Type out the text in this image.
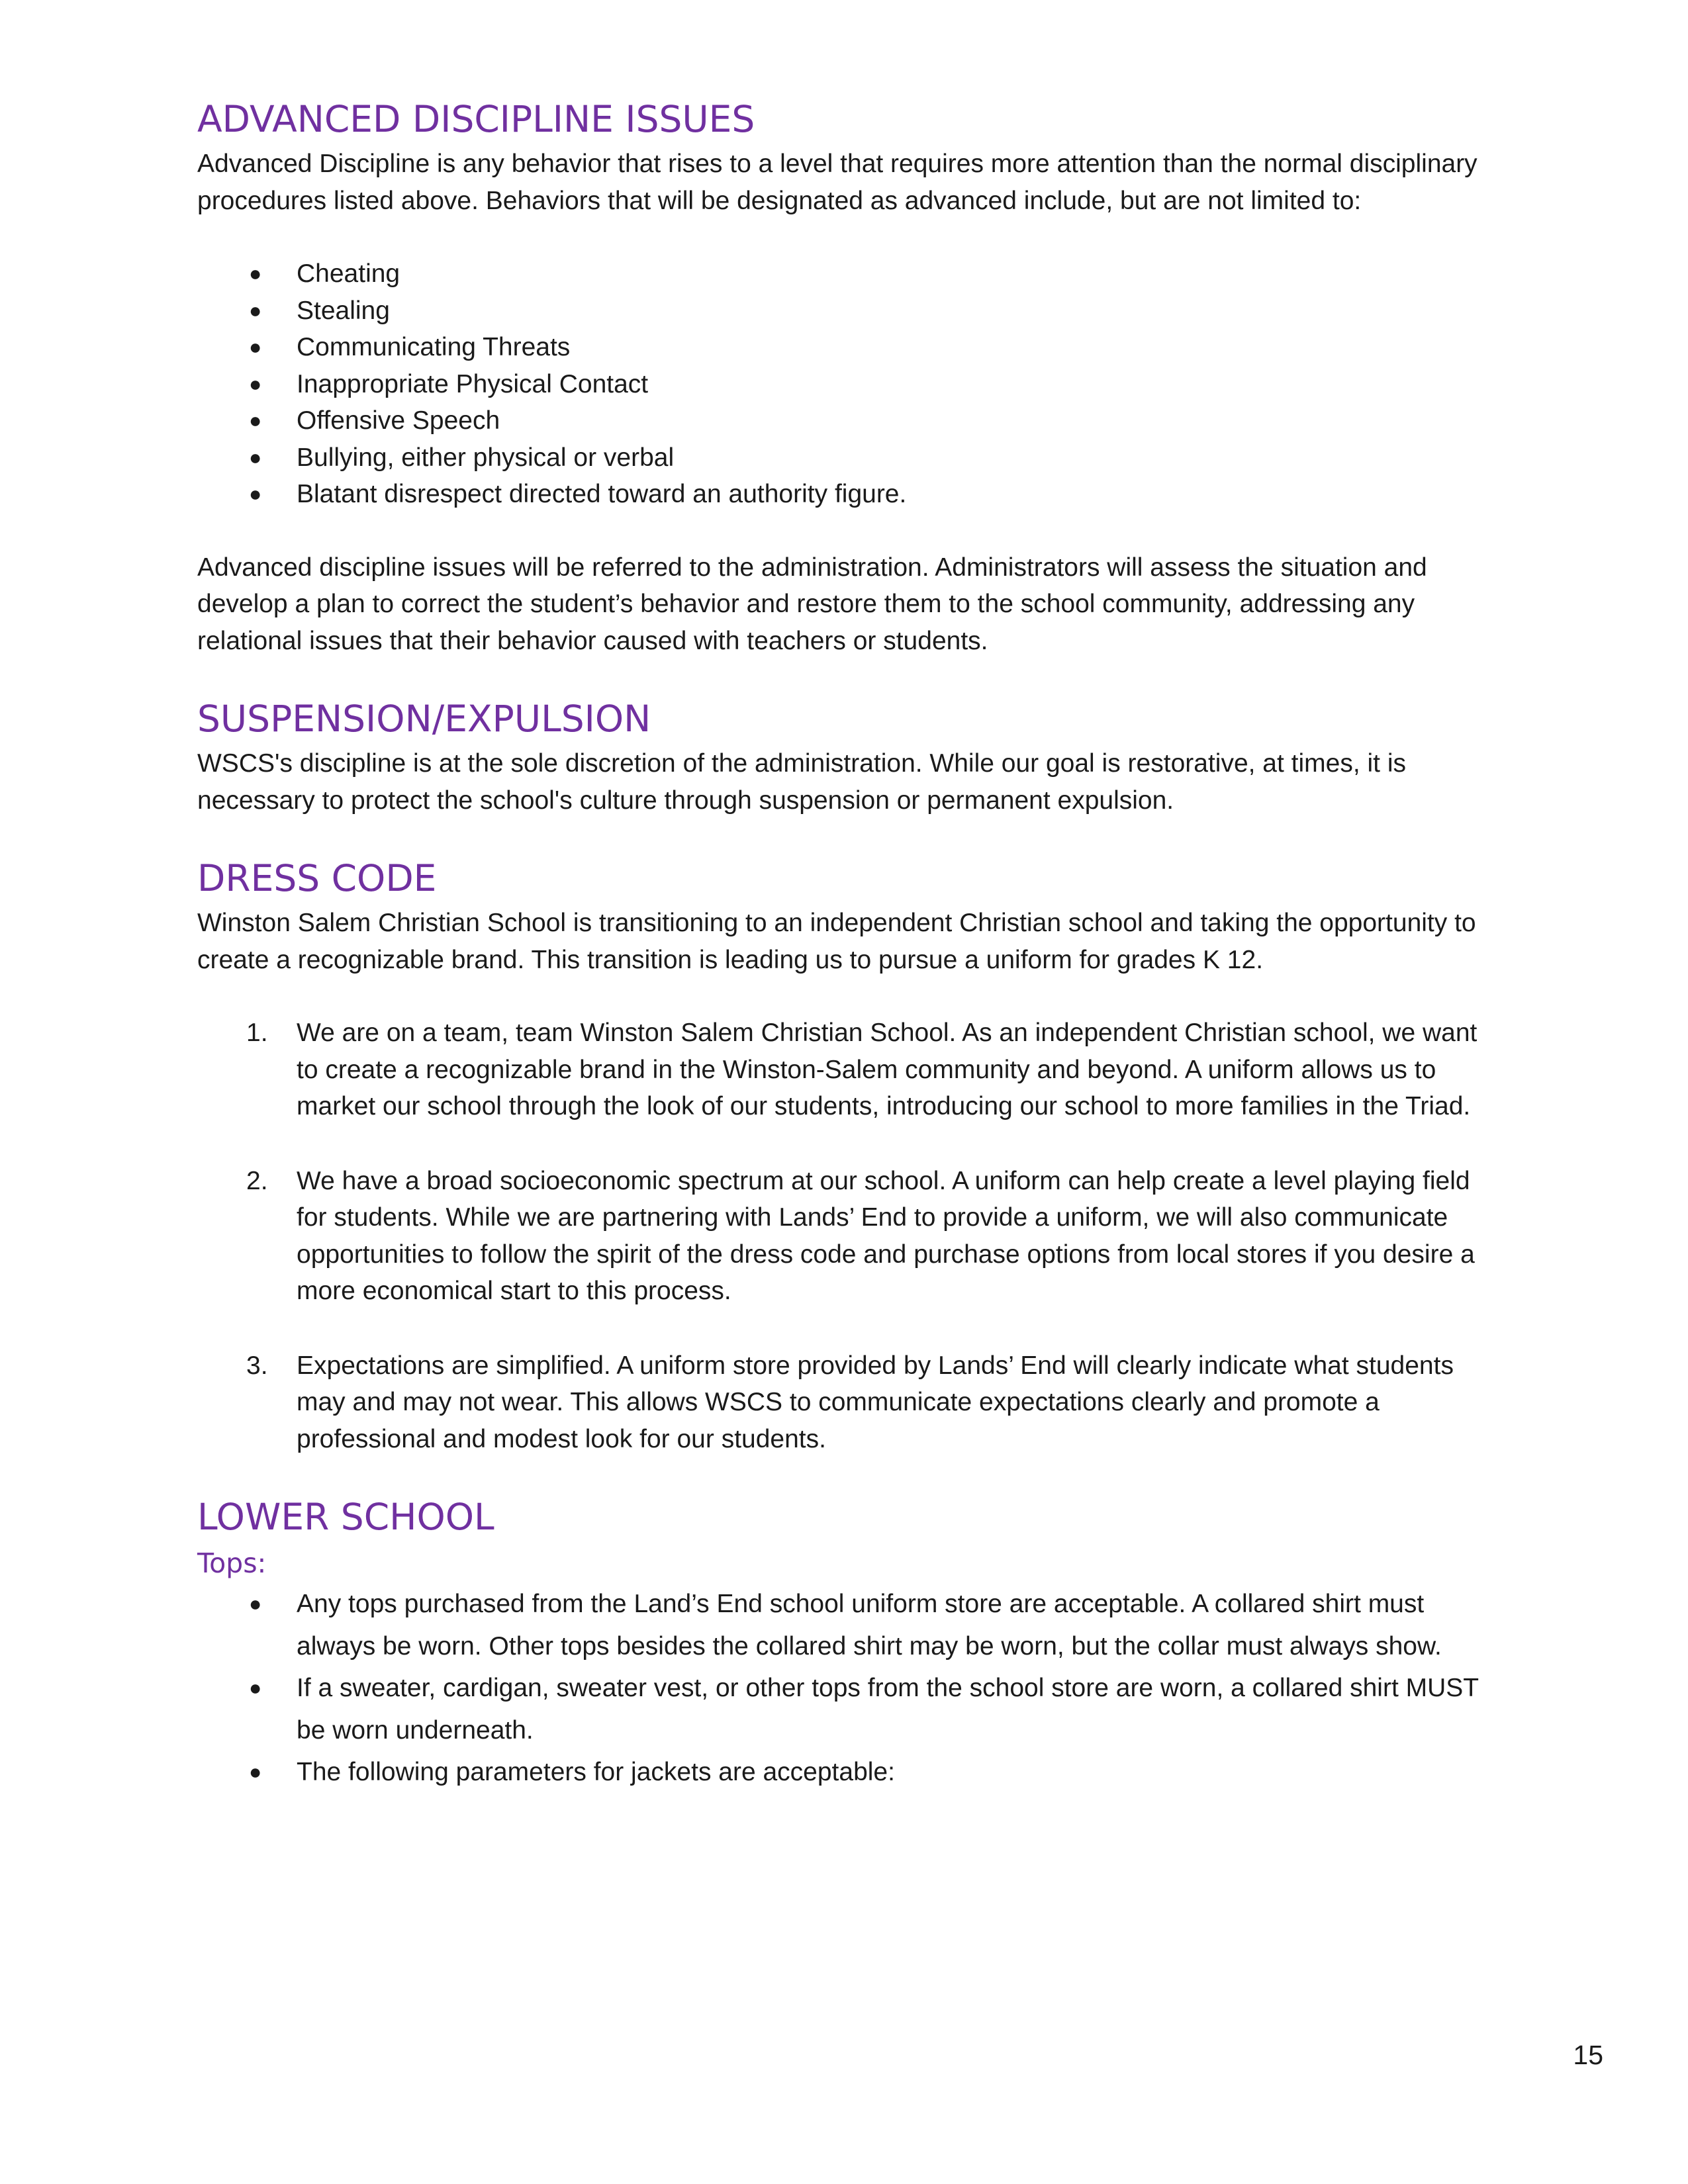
ADVANCED DISCIPLINE ISSUES

Advanced Discipline is any behavior that rises to a level that requires more attention than the normal disciplinary procedures listed above. Behaviors that will be designated as advanced include, but are not limited to:

● Cheating
● Stealing
● Communicating Threats
● Inappropriate Physical Contact
● Offensive Speech
● Bullying, either physical or verbal
● Blatant disrespect directed toward an authority figure.

Advanced discipline issues will be referred to the administration. Administrators will assess the situation and develop a plan to correct the student’s behavior and restore them to the school community, addressing any relational issues that their behavior caused with teachers or students.

SUSPENSION/EXPULSION

WSCS's discipline is at the sole discretion of the administration. While our goal is restorative, at times, it is necessary to protect the school's culture through suspension or permanent expulsion.

DRESS CODE

Winston Salem Christian School is transitioning to an independent Christian school and taking the opportunity to create a recognizable brand. This transition is leading us to pursue a uniform for grades K 12.

1. We are on a team, team Winston Salem Christian School. As an independent Christian school, we want to create a recognizable brand in the Winston-Salem community and beyond. A uniform allows us to market our school through the look of our students, introducing our school to more families in the Triad.
2. We have a broad socioeconomic spectrum at our school. A uniform can help create a level playing field for students. While we are partnering with Lands’ End to provide a uniform, we will also communicate opportunities to follow the spirit of the dress code and purchase options from local stores if you desire a more economical start to this process.
3. Expectations are simplified. A uniform store provided by Lands’ End will clearly indicate what students may and may not wear. This allows WSCS to communicate expectations clearly and promote a professional and modest look for our students.
LOWER SCHOOL
Tops:
● Any tops purchased from the Land’s End school uniform store are acceptable. A collared shirt must always be worn. Other tops besides the collared shirt may be worn, but the collar must always show.
● If a sweater, cardigan, sweater vest, or other tops from the school store are worn, a collared shirt MUST be worn underneath.
● The following parameters for jackets are acceptable:
15
